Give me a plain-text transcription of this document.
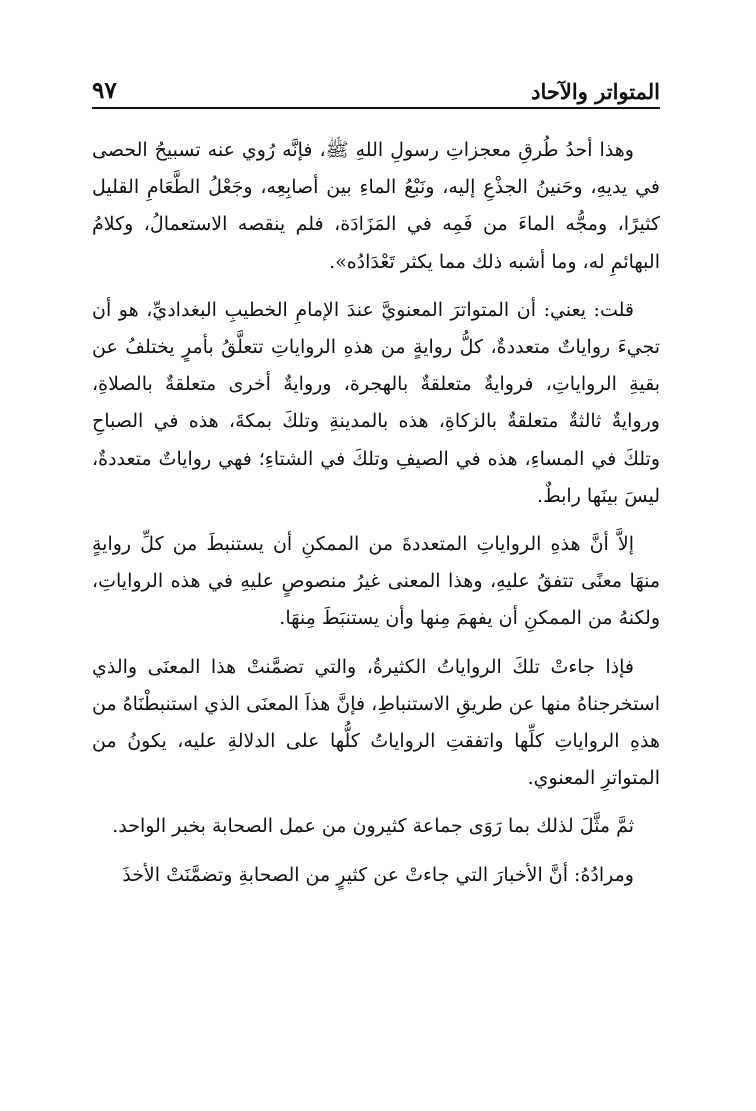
المتواتر والآحاد
٩٧

وهذا أحدُ طُرقِ معجزاتِ رسولِ اللهِ ﷺ، فإنَّه رُوي عنه تسبيحُ الحصى في يديهِ، وحَنينُ الجذْعِ إليه، ونَبْعُ الماءِ بين أصابِعِه، وجَعْلُ الطَّعَامِ القليل كثيرًا، ومجُّه الماءَ من فَمِه في المَزَادَة، فلم ينقصه الاستعمالُ، وكلامُ البهائمِ له، وما أشبه ذلك مما يكثر تَعْدَادُه».

قلت: يعني: أن المتواترَ المعنويَّ عندَ الإمامِ الخطيبِ البغداديِّ، هو أن تجيءَ رواياتٌ متعددةٌ، كلُّ روايةٍ من هذهِ الرواياتِ تتعلَّقُ بأمرٍ يختلفُ عن بقيةِ الرواياتِ، فروايةٌ متعلقةٌ بالهجرة، وروايةٌ أخرى متعلقةٌ بالصلاةِ، وروايةٌ ثالثةٌ متعلقةٌ بالزكاةِ، هذه بالمدينةِ وتلكَ بمكةَ، هذه في الصباحِ وتلكَ في المساءِ، هذه في الصيفِ وتلكَ في الشتاءِ؛ فهي رواياتٌ متعددةٌ، ليسَ بينَها رابطٌ.

إلاَّ أنَّ هذهِ الرواياتِ المتعددةَ من الممكنِ أن يستنبطَ من كلِّ روايةٍ منهَا معنًى تتفقُ عليهِ، وهذا المعنى غيرُ منصوصٍ عليهِ في هذه الرواياتِ، ولكنهُ من الممكنِ أن يفهمَ مِنها وأن يستنبَطَ مِنهَا.

فإذا جاءتْ تلكَ الرواياتُ الكثيرةُ، والتي تضمَّنتْ هذا المعنَى والذي استخرجناهُ منها عن طريقِ الاستنباطِ، فإنَّ هذاَ المعنَى الذي استنبطْنَاهُ من هذهِ الرواياتِ كلِّها واتفقتِ الرواياتُ كلُّها على الدلالةِ عليه، يكونُ من المتواترِ المعنوي.

ثمَّ مثَّلَ لذلك بما رَوَى جماعة كثيرون من عمل الصحابة بخبر الواحد.

ومرادُهُ: أنَّ الأخبارَ التي جاءتْ عن كثيرٍ من الصحابةِ وتضمَّنَتْ الأخذَ
